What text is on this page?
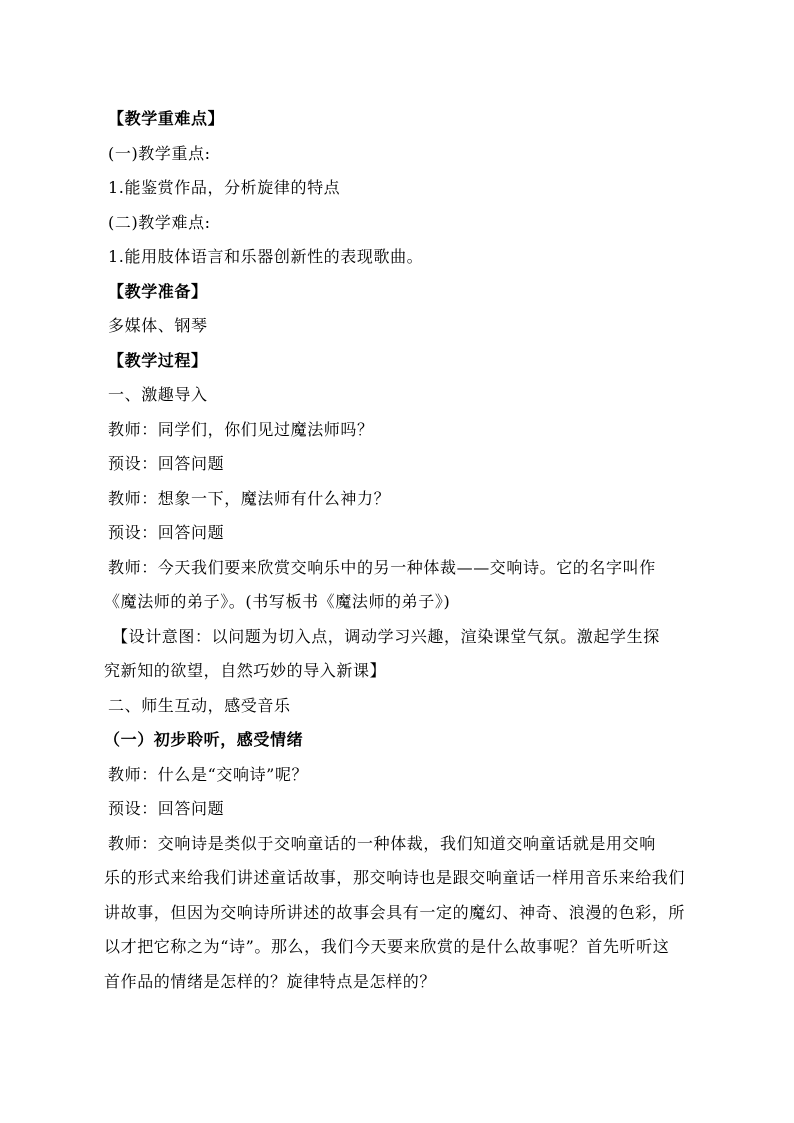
【教学重难点】
(一)教学重点:
1.能鉴赏作品，分析旋律的特点
(二)教学难点:
1.能用肢体语言和乐器创新性的表现歌曲。
【教学准备】
多媒体、钢琴
【教学过程】
一、激趣导入
教师：同学们，你们见过魔法师吗？
预设：回答问题
教师：想象一下，魔法师有什么神力？
预设：回答问题
教师：今天我们要来欣赏交响乐中的另一种体裁——交响诗。它的名字叫作
《魔法师的弟子》。(书写板书《魔法师的弟子》)
【设计意图：以问题为切入点，调动学习兴趣，渲染课堂气氛。激起学生探
究新知的欲望，自然巧妙的导入新课】
二、师生互动，感受音乐
（一）初步聆听，感受情绪
教师：什么是“交响诗”呢？
预设：回答问题
教师：交响诗是类似于交响童话的一种体裁，我们知道交响童话就是用交响
乐的形式来给我们讲述童话故事，那交响诗也是跟交响童话一样用音乐来给我们
讲故事，但因为交响诗所讲述的故事会具有一定的魔幻、神奇、浪漫的色彩，所
以才把它称之为“诗”。那么，我们今天要来欣赏的是什么故事呢？首先听听这
首作品的情绪是怎样的？旋律特点是怎样的？
